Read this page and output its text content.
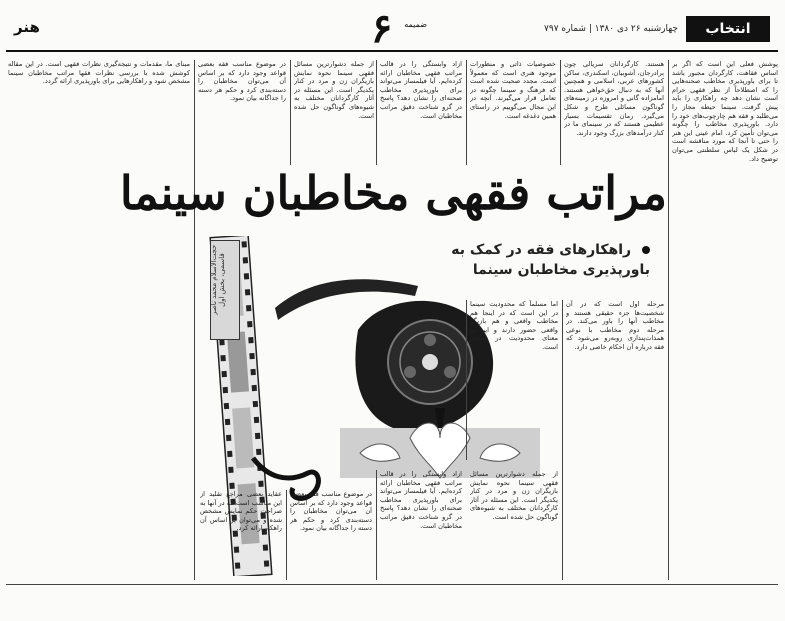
انتخاب
چهارشنبه ۲۶ دی ۱۳۸۰ | شماره ۷۹۷
۶ ضمیمه
هنر
پوشش فعلی این است که اگر بر اساس فقاهت، کارگردان مجبور باشد تا برای باورپذیری مخاطب صحنه‌هایی را که اصطلاحاً از نظر فقهی حرام است نشان دهد چه راهکاری را باید پیش گرفت. سینما حیطه مجاز را می‌طلبد و فقه هم چارچوب‌های خود را دارد. باورپذیری مخاطب را چگونه می‌توان تأمین کرد. امام عینی این هنر را حتی تا آنجا که مورد مناقشه است در شکل یک لباس سلطنتی می‌توان توضیح داد.
هستند. کارگردانان سریالی چون برادرجان، آشوبیان، اسکندری، ساکن کشورهای عربی، اسلامی و همچنین آنها که به دنبال حق‌خواهی هستند. امامزاده گانی و امروزه در زمینه‌های گوناگون مسائلی طرح و شکل می‌گیرد. رمان تقسیمات بسیار عظیمی هستند که در سینمای ما در کنار درآمدهای بزرگ وجود دارند.
خصوصیات ذاتی و منظورات موجود هنری است که معمولاً است. مجدد صحبت شده است که فرهنگ و سینما چگونه در تعامل قرار می‌گیرند. آنچه در این مجال می‌گوییم در راستای همین دغدغه است.
ازاد وابستگی را در قالب مراتب فقهی مخاطبان ارائه کرده‌ایم. آیا فیلمساز می‌تواند برای باورپذیری مخاطب صحنه‌ای را نشان دهد؟ پاسخ در گرو شناخت دقیق مراتب مخاطبان است.
از جمله دشوارترین مسائل فقهی سینما نحوه نمایش بازیگران زن و مرد در کنار یکدیگر است. این مسئله در آثار کارگردانان مختلف به شیوه‌های گوناگون حل شده است.
در موضوع مناسب فقه بعضی قواعد وجود دارد که بر اساس آن می‌توان مخاطبان را دسته‌بندی کرد و حکم هر دسته را جداگانه بیان نمود.
مبنای ما، مقدمات و نتیجه‌گیری نظرات فقهی است. در این مقاله کوشش شده با بررسی نظرات فقها مراتب مخاطبان سینما مشخص شود و راهکارهایی برای باورپذیری ارائه گردد.
مراتب فقهی مخاطبان سینما
راهکارهای فقه در کمک به باورپذیری مخاطبان سینما
حجت‌الاسلام محمد ناصر قاسمی، بخش اول	مرحله اول است که در آن شخصیت‌ها جزء حقیقی هستند و مخاطب آنها را باور می‌کند. در مرحله دوم مخاطب با نوعی همذات‌پنداری روبه‌رو می‌شود که فقه درباره آن احکام خاصی دارد.
اما مسلماً که محدودیت سینما در این است که در اینجا هم مخاطب واقعی و هم بازیگر واقعی حضور دارند و این به معنای محدودیت در نمایش است.
از جمله دشوارترین مسائل فقهی سینما نحوه نمایش بازیگران زن و مرد در کنار یکدیگر است. این مسئله در آثار کارگردانان مختلف به شیوه‌های گوناگون حل شده است.
ازاد وابستگی را در قالب مراتب فقهی مخاطبان ارائه کرده‌ایم. آیا فیلمساز می‌تواند برای باورپذیری مخاطب صحنه‌ای را نشان دهد؟ پاسخ در گرو شناخت دقیق مراتب مخاطبان است.
در موضوع مناسب فقه بعضی قواعد وجود دارد که بر اساس آن می‌توان مخاطبان را دسته‌بندی کرد و حکم هر دسته را جداگانه بیان نمود.
عقاید بعضی مراجع تقلید از این مناسب است که در آنها به صراحت حکم نمایش مشخص شده و می‌توان بر اساس آن راهکار ارائه کرد.
